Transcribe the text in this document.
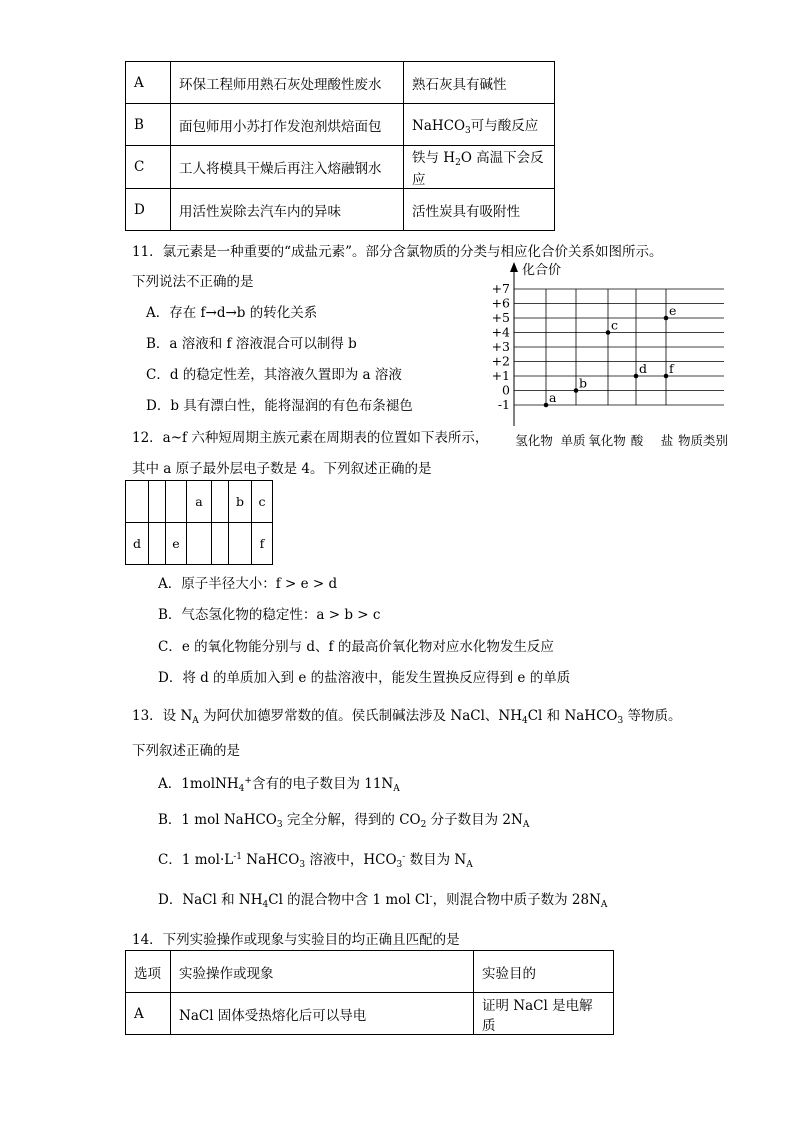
A	环保工程师用熟石灰处理酸性废水	熟石灰具有碱性
B	面包师用小苏打作发泡剂烘焙面包	NaHCO$_3$可与酸反应
C	工人将模具干燥后再注入熔融钢水	铁与 $H_2O$ 高温下会反应
D	用活性炭除去汽车内的异味	活性炭具有吸附性
11．氯元素是一种重要的“成盐元素”。部分含氯物质的分类与相应化合价关系如图所示。
下列说法不正确的是
A．存在 f→d→b 的转化关系
B．a 溶液和 f 溶液混合可以制得 b
C．d 的稳定性差，其溶液久置即为 a 溶液
D．b 具有漂白性，能将湿润的有色布条褪色
化合价
+7
+6
+5
+4
+3
+2
+1
0
-1
氢化物 单质 氧化物 酸 盐 物质类别
a
b
c
d
e
f
12．a~f 六种短周期主族元素在周期表的位置如下表所示，
其中 a 原子最外层电子数是 4。下列叙述正确的是
			a		b	c
d		e				f
A．原子半径大小：f > e > d
B．气态氢化物的稳定性：a > b > c
C．e 的氧化物能分别与 d、f 的最高价氧化物对应水化物发生反应
D．将 d 的单质加入到 e 的盐溶液中，能发生置换反应得到 e 的单质
13．设 $N_A$ 为阿伏加德罗常数的值。侯氏制碱法涉及 NaCl、$NH_4Cl$ 和 NaHCO$_3$ 等物质。
下列叙述正确的是
A．1molNH$_4$+含有的电子数目为 $11N_A$
B．1 mol NaHCO$_3$ 完全分解，得到的 $CO_2$ 分子数目为 $2N_A$
C．1 $mol\cdot L^{-1}$ NaHCO$_3$ 溶液中，$HCO_3^-$ 数目为 $N_A$
D．NaCl 和 $NH_4Cl$ 的混合物中含 1 mol Cl-，则混合物中质子数为 $28N_A$
14．下列实验操作或现象与实验目的均正确且匹配的是
选项	实验操作或现象	实验目的
A	NaCl 固体受热熔化后可以导电	证明 NaCl 是电解质
